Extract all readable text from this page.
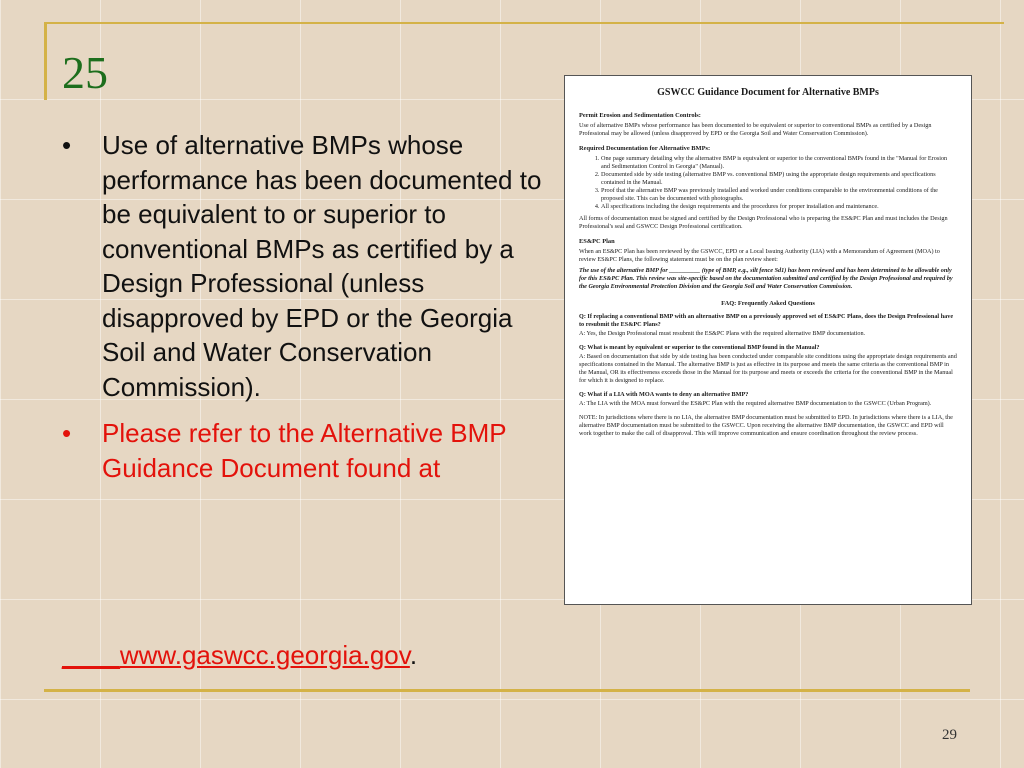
25
• Use of alternative BMPs whose performance has been documented to be equivalent to or superior to conventional BMPs as certified by a Design Professional (unless disapproved by EPD or the Georgia Soil and Water Conservation Commission).
• Please refer to the Alternative BMP Guidance Document found at
____www.gaswcc.georgia.gov.
GSWCC Guidance Document for Alternative BMPs
Permit Erosion and Sedimentation Controls:
Use of alternative BMPs whose performance has been documented to be equivalent or superior to conventional BMPs as certified by a Design Professional may be allowed (unless disapproved by EPD or the Georgia Soil and Water Conservation Commission).
Required Documentation for Alternative BMPs:
1. One page summary detailing why the alternative BMP is equivalent or superior to the conventional BMPs found in the "Manual for Erosion and Sedimentation Control in Georgia" (Manual).
2. Documented side by side testing (alternative BMP vs. conventional BMP) using the appropriate design requirements and specifications contained in the Manual.
3. Proof that the alternative BMP was previously installed and worked under conditions comparable to the environmental conditions of the proposed site. This can be documented with photographs.
4. All specifications including the design requirements and the procedures for proper installation and maintenance.
All forms of documentation must be signed and certified by the Design Professional who is preparing the ES&PC Plan and must includes the Design Professional's seal and GSWCC Design Professional certification.
ES&PC Plan
When an ES&PC Plan has been reviewed by the GSWCC, EPD or a Local Issuing Authority (LIA) with a Memorandum of Agreement (MOA) to review ES&PC Plans, the following statement must be on the plan review sheet:
The use of the alternative BMP for __________ (type of BMP, e.g., silt fence Sd1) has been reviewed and has been determined to be allowable only for this ES&PC Plan. This review was site-specific based on the documentation submitted and certified by the Design Professional and required by the Georgia Environmental Protection Division and the Georgia Soil and Water Conservation Commission.
FAQ: Frequently Asked Questions
Q: If replacing a conventional BMP with an alternative BMP on a previously approved set of ES&PC Plans, does the Design Professional have to resubmit the ES&PC Plans?
A: Yes, the Design Professional must resubmit the ES&PC Plans with the required alternative BMP documentation.
Q: What is meant by equivalent or superior to the conventional BMP found in the Manual?
A: Based on documentation that side by side testing has been conducted under comparable site conditions using the appropriate design requirements and specifications contained in the Manual. The alternative BMP is just as effective in its purpose and meets the same criteria as the conventional BMP in the Manual, OR its effectiveness exceeds those in the Manual for its purpose and meets or exceeds the criteria for the conventional BMP in the Manual for which it is designed to replace.
Q: What if a LIA with MOA wants to deny an alternative BMP?
A: The LIA with the MOA must forward the ES&PC Plan with the required alternative BMP documentation to the GSWCC (Urban Program).
NOTE: In jurisdictions where there is no LIA, the alternative BMP documentation must be submitted to EPD. In jurisdictions where there is a LIA, the alternative BMP documentation must be submitted to the GSWCC. Upon receiving the alternative BMP documentation, the GSWCC and EPD will work together to make the call of disapproval. This will improve communication and ensure coordination throughout the review process.
29
